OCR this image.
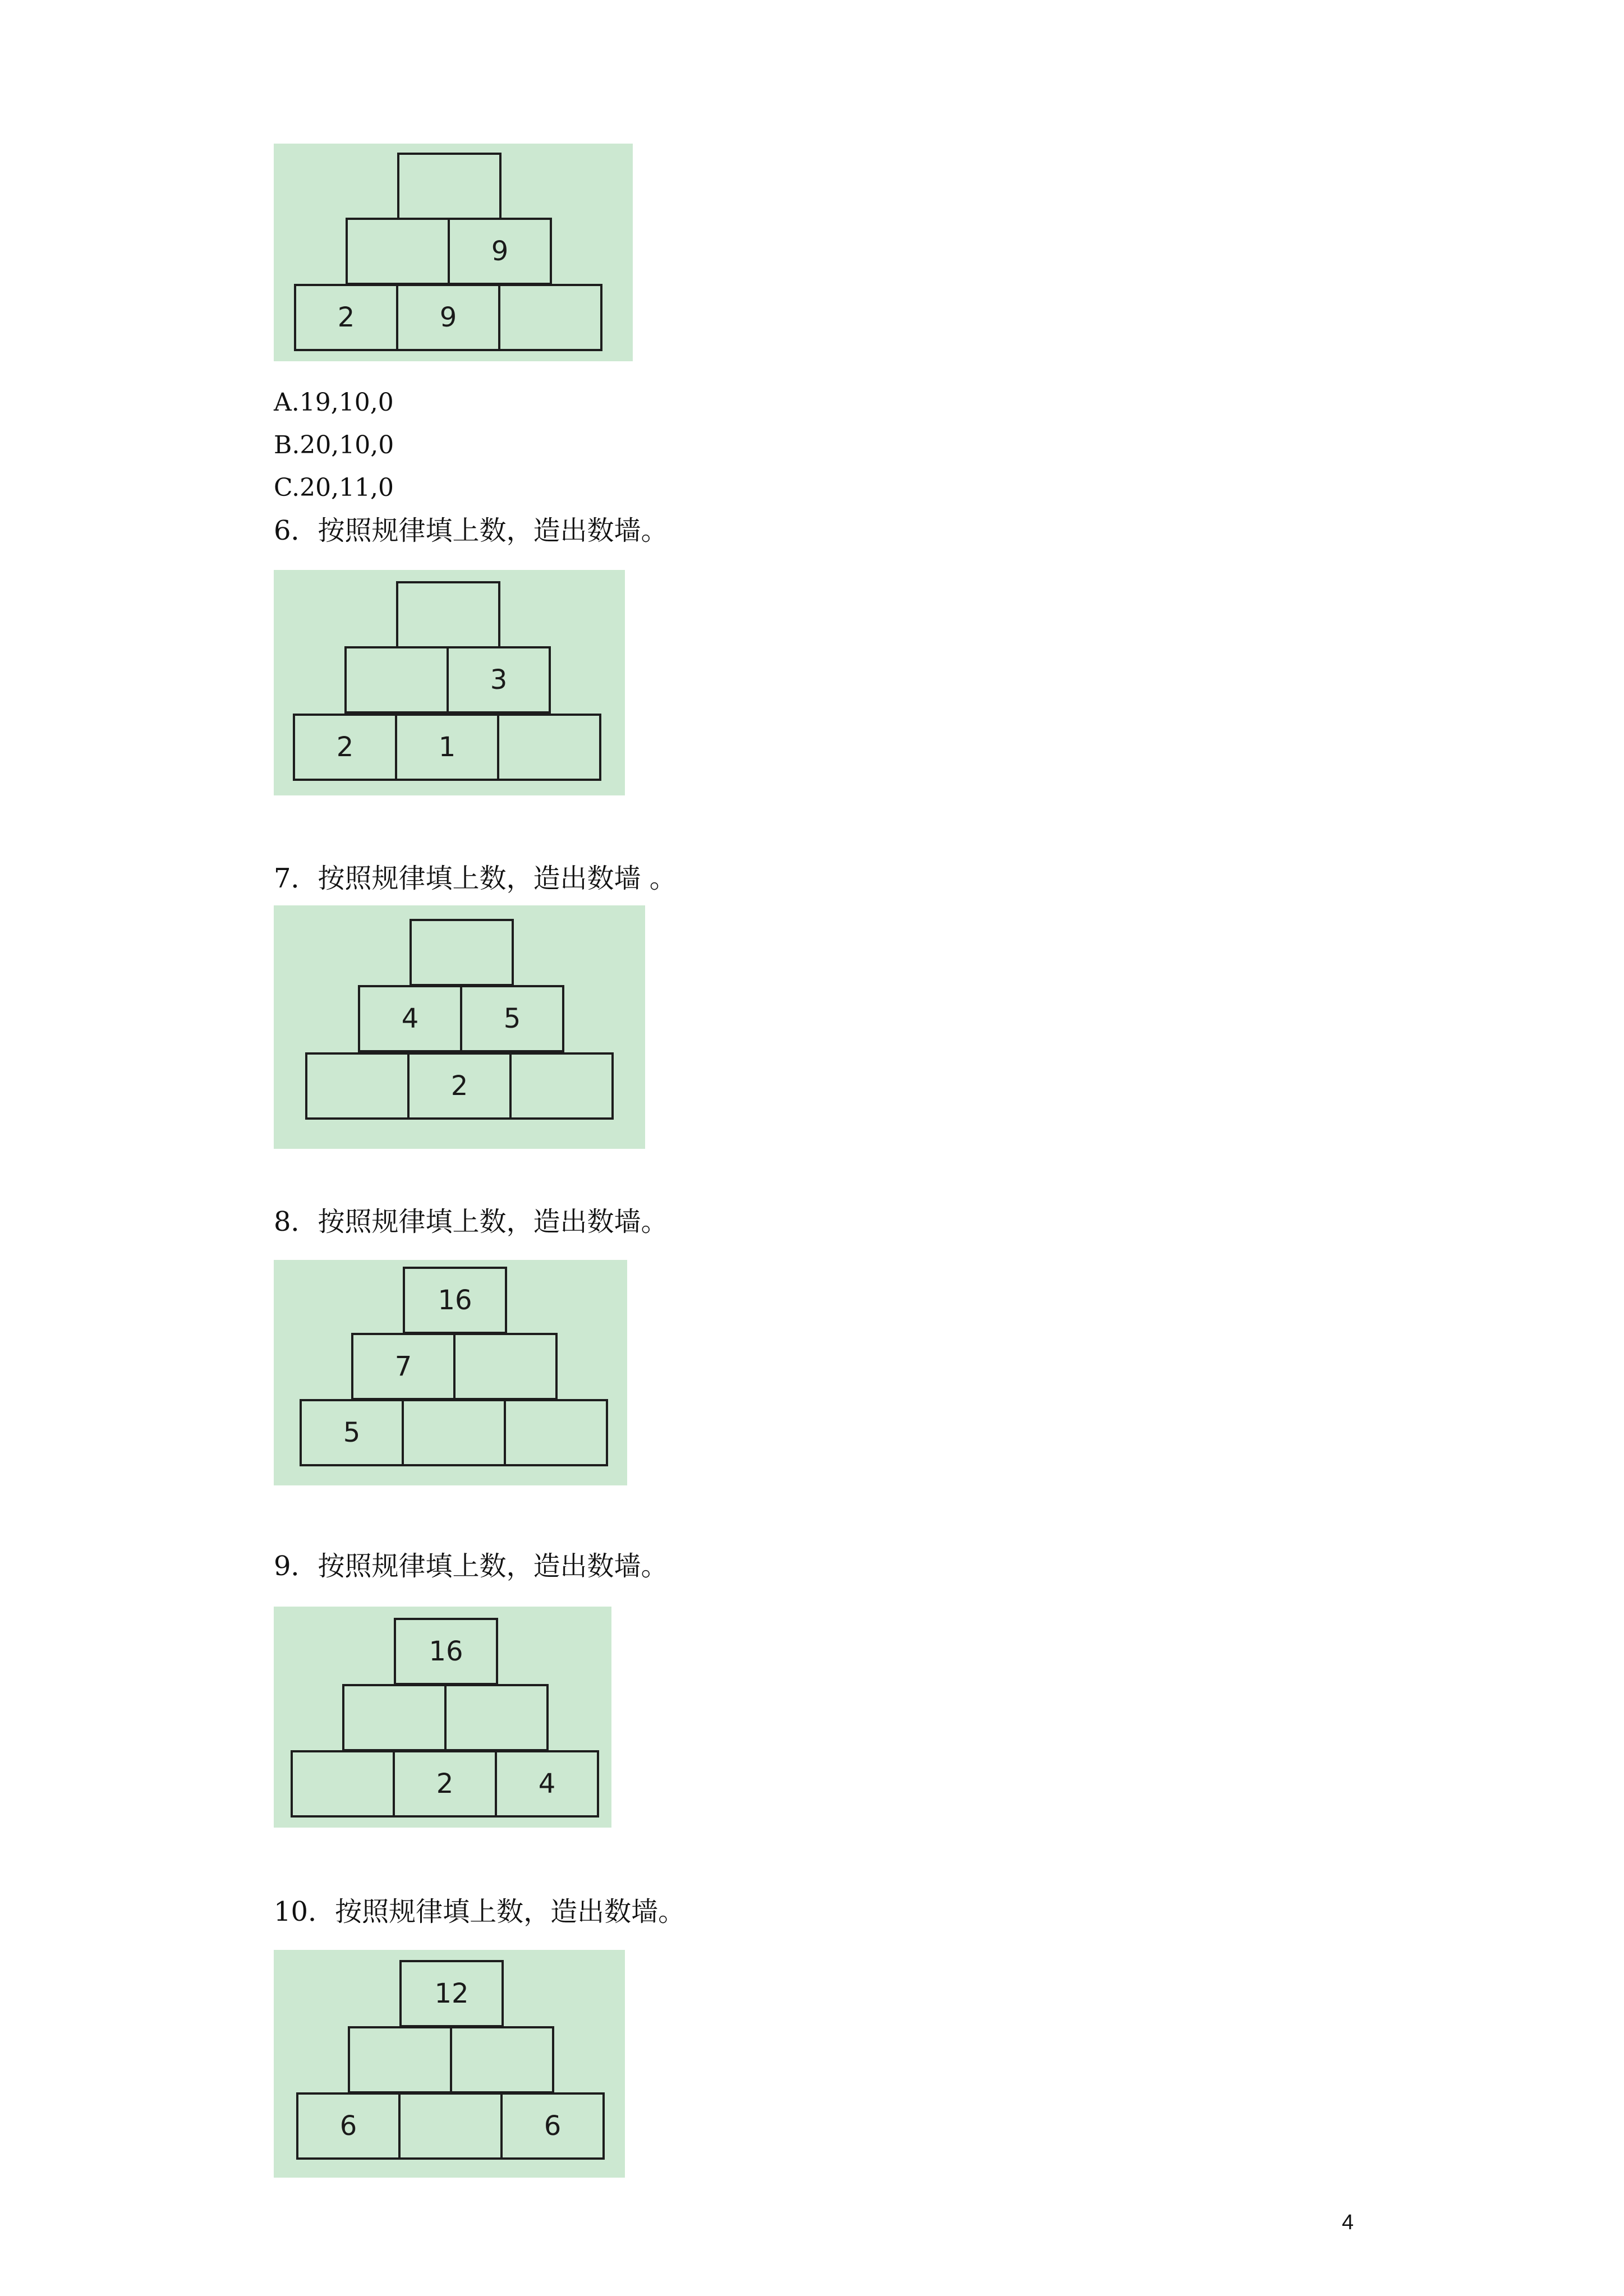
9
2	9
A.19,10,0
B.20,10,0
C.20,11,0
6．按照规律填上数，造出数墙。
3
2	1
7．按照规律填上数，造出数墙 。
4	5
2
8．按照规律填上数，造出数墙。
16
7
5
9．按照规律填上数，造出数墙。
16
2	4
10．按照规律填上数，造出数墙。
12
6	6
4
